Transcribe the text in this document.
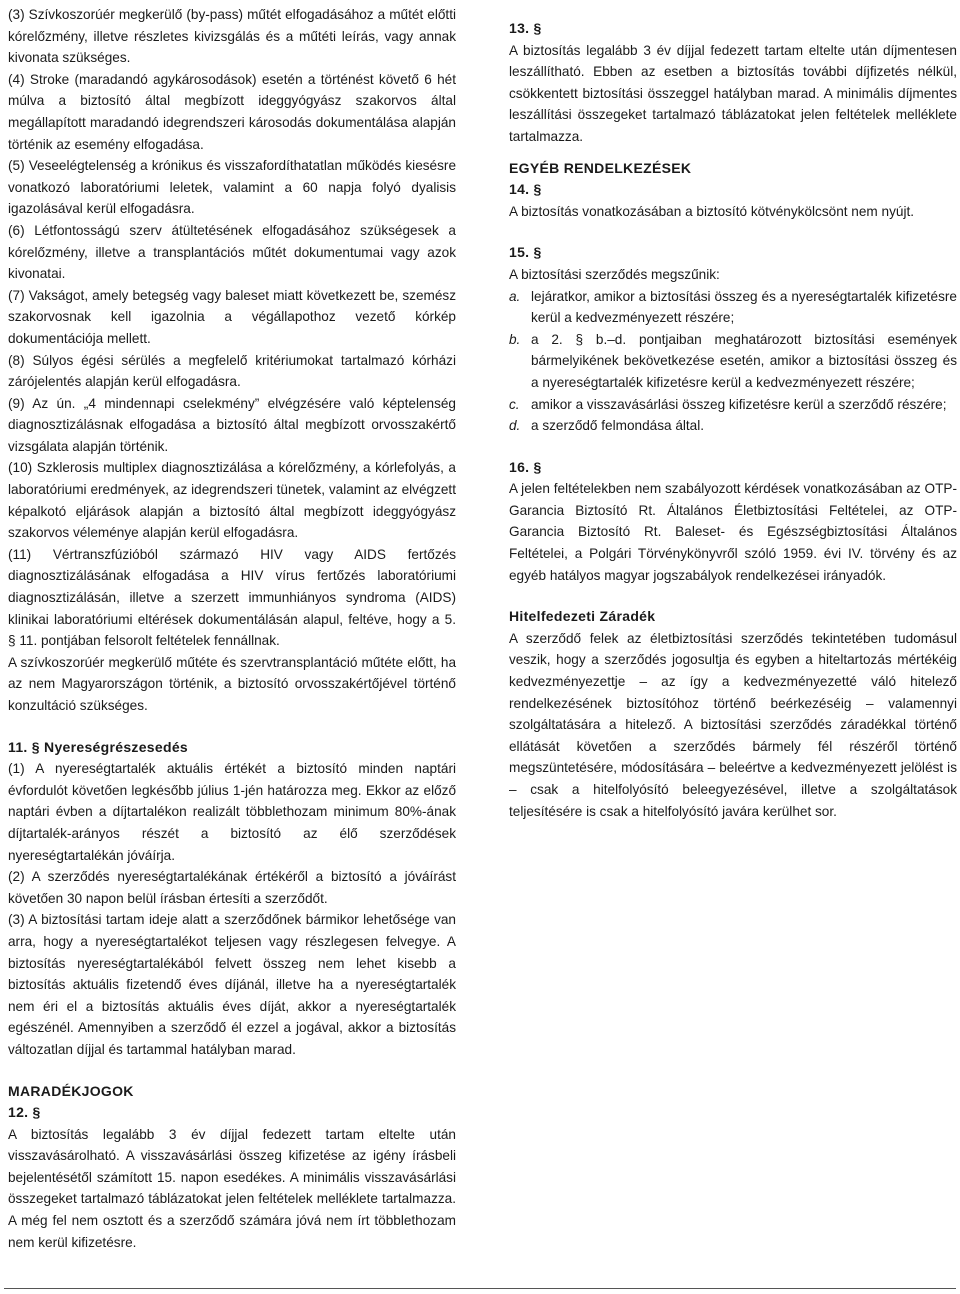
(3) Szívkoszorúér megkerülő (by-pass) műtét elfogadásához a műtét előtti kórelőzmény, illetve részletes kivizsgálás és a műtéti leírás, vagy annak kivonata szükséges.

(4) Stroke (maradandó agykárosodások) esetén a történést követő 6 hét múlva a biztosító által megbízott ideggyógyász szakorvos által megállapított maradandó idegrendszeri károsodás dokumentálása alapján történik az esemény elfogadása.

(5) Veseelégtelenség a krónikus és visszafordíthatatlan működés kiesésre vonatkozó laboratóriumi leletek, valamint a 60 napja folyó dyalisis igazolásával kerül elfogadásra.

(6) Létfontosságú szerv átültetésének elfogadásához szükségesek a kórelőzmény, illetve a transplantációs műtét dokumentumai vagy azok kivonatai.

(7) Vakságot, amely betegség vagy baleset miatt következett be, szemész szakorvosnak kell igazolnia a végállapothoz vezető kórkép dokumentációja mellett.

(8) Súlyos égési sérülés a megfelelő kritériumokat tartalmazó kórházi zárójelentés alapján kerül elfogadásra.

(9) Az ún. „4 mindennapi cselekmény” elvégzésére való képtelenség diagnosztizálásnak elfogadása a biztosító által megbízott orvosszakértő vizsgálata alapján történik.

(10) Szklerosis multiplex diagnosztizálása a kórelőzmény, a kórlefolyás, a laboratóriumi eredmények, az idegrendszeri tünetek, valamint az elvégzett képalkotó eljárások alapján a biztosító által megbízott ideggyógyász szakorvos véleménye alapján kerül elfogadásra.

(11) Vértranszfúzióból származó HIV vagy AIDS fertőzés diagnosztizálásának elfogadása a HIV vírus fertőzés laboratóriumi diagnosztizálásán, illetve a szerzett immunhiányos syndroma (AIDS) klinikai laboratóriumi eltérések dokumentálásán alapul, feltéve, hogy a 5. § 11. pontjában felsorolt feltételek fennállnak.

A szívkoszorúér megkerülő műtéte és szervtransplantáció műtéte előtt, ha az nem Magyarországon történik, a biztosító orvosszakértőjével történő konzultáció szükséges.

11. § Nyereségrészesedés

(1) A nyereségtartalék aktuális értékét a biztosító minden naptári évfordulót követően legkésőbb július 1-jén határozza meg. Ekkor az előző naptári évben a díjtartalékon realizált többlethozam minimum 80%-ának díjtartalék-arányos részét a biztosító az élő szerződések nyereségtartalékán jóváírja.

(2) A szerződés nyereségtartalékának értékéről a biztosító a jóváírást követően 30 napon belül írásban értesíti a szerződőt.

(3) A biztosítási tartam ideje alatt a szerződőnek bármikor lehetősége van arra, hogy a nyereségtartalékot teljesen vagy részlegesen felvegye. A biztosítás nyereségtartalékából felvett összeg nem lehet kisebb a biztosítás aktuális fizetendő éves díjánál, illetve ha a nyereségtartalék nem éri el a biztosítás aktuális éves díját, akkor a nyereségtartalék egészénél. Amennyiben a szerződő él ezzel a jogával, akkor a biztosítás változatlan díjjal és tartammal hatályban marad.

MARADÉKJOGOK

12. §

A biztosítás legalább 3 év díjjal fedezett tartam eltelte után visszavásárolható. A visszavásárlási összeg kifizetése az igény írásbeli bejelentésétől számított 15. napon esedékes. A minimális visszavásárlási összegeket tartalmazó táblázatokat jelen feltételek melléklete tartalmazza. A még fel nem osztott és a szerződő számára jóvá nem írt többlethozam nem kerül kifizetésre.

13. §

A biztosítás legalább 3 év díjjal fedezett tartam eltelte után díjmentesen leszállítható. Ebben az esetben a biztosítás további díjfizetés nélkül, csökkentett biztosítási összeggel hatályban marad. A minimális díjmentes leszállítási összegeket tartalmazó táblázatokat jelen feltételek melléklete tartalmazza.

EGYÉB RENDELKEZÉSEK

14. §

A biztosítás vonatkozásában a biztosító kötvénykölcsönt nem nyújt.

15. §

A biztosítási szerződés megszűnik:

a. lejáratkor, amikor a biztosítási összeg és a nyereségtartalék kifizetésre kerül a kedvezményezett részére;
b. a 2. § b.–d. pontjaiban meghatározott biztosítási események bármelyikének bekövetkezése esetén, amikor a biztosítási összeg és a nyereségtartalék kifizetésre kerül a kedvezményezett részére;
c. amikor a visszavásárlási összeg kifizetésre kerül a szerződő részére;
d. a szerződő felmondása által.

16. §

A jelen feltételekben nem szabályozott kérdések vonatkozásában az OTP-Garancia Biztosító Rt. Általános Életbiztosítási Feltételei, az OTP-Garancia Biztosító Rt. Baleset- és Egészségbiztosítási Általános Feltételei, a Polgári Törvénykönyvről szóló 1959. évi IV. törvény és az egyéb hatályos magyar jogszabályok rendelkezései irányadók.

Hitelfedezeti Záradék

A szerződő felek az életbiztosítási szerződés tekintetében tudomásul veszik, hogy a szerződés jogosultja és egyben a hiteltartozás mértékéig kedvezményezettje – az így a kedvezményezetté váló hitelező rendelkezésének biztosítóhoz történő beérkezéséig – valamennyi szolgáltatására a hitelező. A biztosítási szerződés záradékkal történő ellátását követően a szerződés bármely fél részéről történő megszüntetésére, módosítására – beleértve a kedvezményezett jelölést is – csak a hitelfolyósító beleegyezésével, illetve a szolgáltatások teljesítésére is csak a hitelfolyósító javára kerülhet sor.
